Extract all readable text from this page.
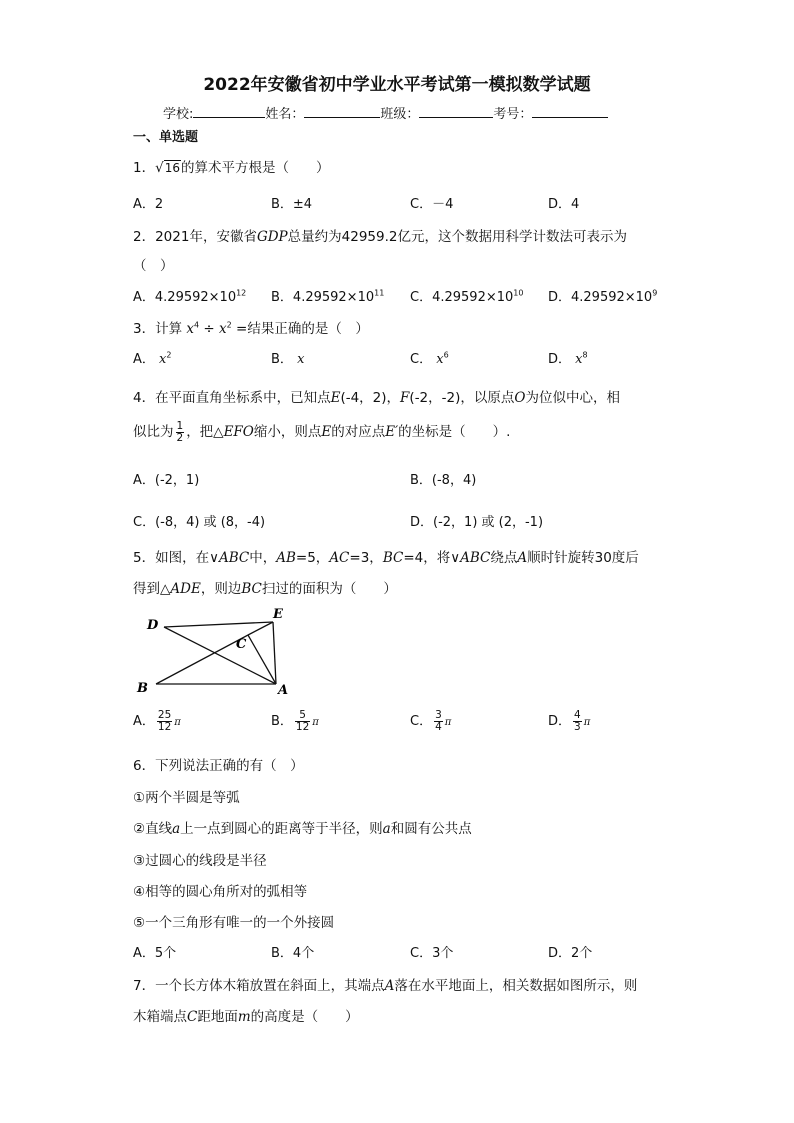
2022年安徽省初中学业水平考试第一模拟数学试题
学校:	姓名：	班级：	考号：
一、单选题
1．√16的算术平方根是（　　）
A．2	B．±4	C．－4	D．4
2．2021年，安徽省GDP总量约为42959.2亿元，这个数据用科学计数法可表示为
（　）
A．$4.29592\times 10^{12}$ B．$4.29592\times 10^{11}$ C．$4.29592\times 10^{10}$ D．$4.29592\times 10^9$
3．计算 $x^4 \div x^2$ =结果正确的是（　）
A． $x^2$	B． x	C． $x^6$	D． $x^8$
4．在平面直角坐标系中，已知点E(-4，2)，F(-2，-2)，以原点O为位似中心，相
似比为 $\frac{1}{2}$ ，把△EFO缩小，则点E的对应点E′的坐标是（　　）.
A．(-2，1)	B．(-8，4)
C．(-8，4) 或 (8，-4)	D．(-2，1) 或 (2，-1)
5．如图，在∨ABC中，AB=5，AC=3，BC=4，将∨ABC绕点A顺时针旋转30度后
得到△ADE，则边BC扫过的面积为（　　）
D
E
C
B	A
A． $\frac{25}{12}$ π	B． $\frac{5}{12}$ π	C． $\frac{3}{4}$ π	D． $\frac{4}{3}$ π
6．下列说法正确的有（　）
①两个半圆是等弧
②直线a上一点到圆心的距离等于半径，则a和圆有公共点
③过圆心的线段是半径
④相等的圆心角所对的弧相等
⑤一个三角形有唯一的一个外接圆
A．5个	B．4个	C．3个	D．2个
7．一个长方体木箱放置在斜面上，其端点A落在水平地面上，相关数据如图所示，则
木箱端点C距地面m的高度是（　　）
